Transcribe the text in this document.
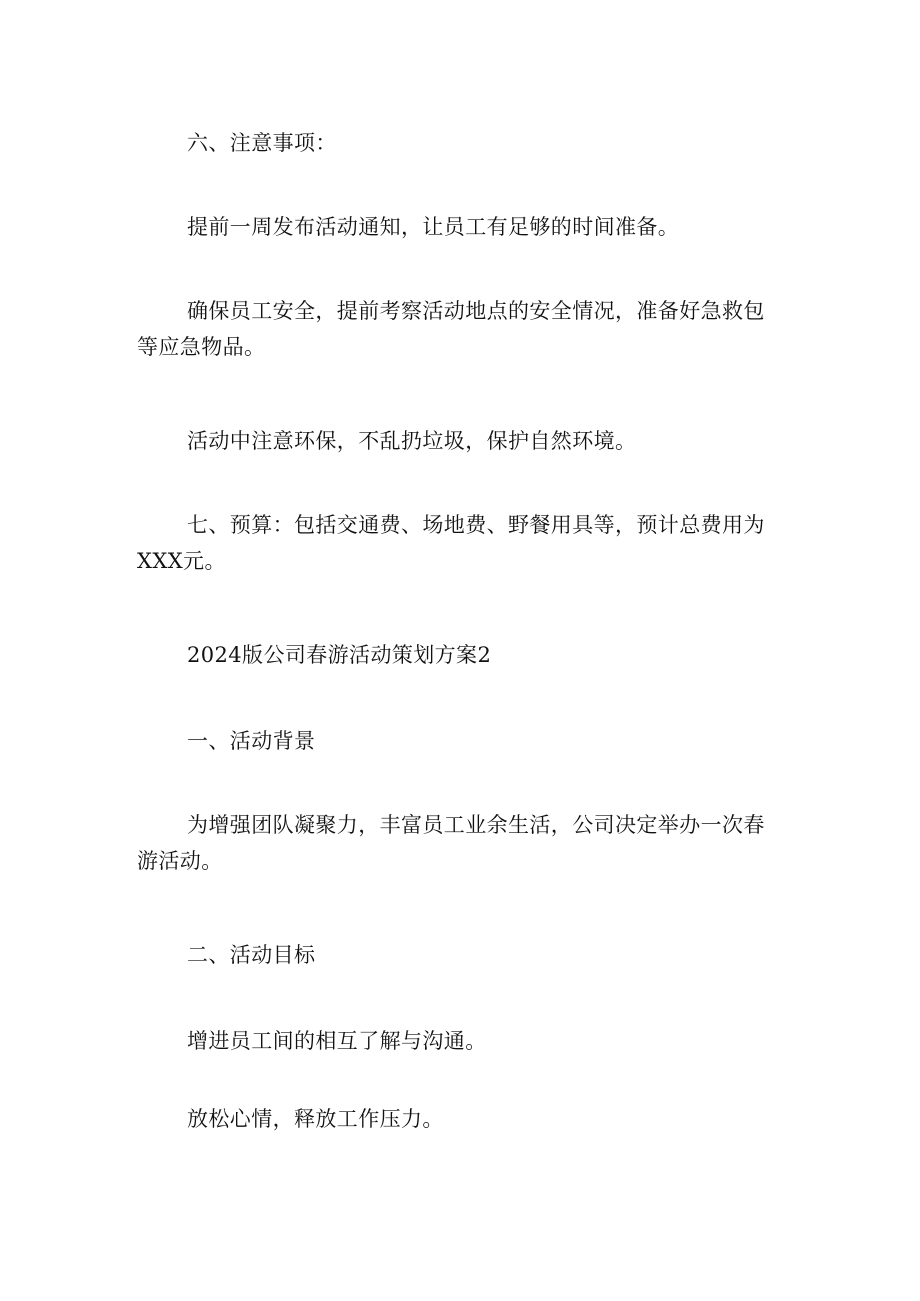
六、注意事项：

提前一周发布活动通知，让员工有足够的时间准备。

确保员工安全，提前考察活动地点的安全情况，准备好急救包等应急物品。

活动中注意环保，不乱扔垃圾，保护自然环境。

七、预算：包括交通费、场地费、野餐用具等，预计总费用为XXX元。

2024版公司春游活动策划方案2

一、活动背景

为增强团队凝聚力，丰富员工业余生活，公司决定举办一次春游活动。

二、活动目标

增进员工间的相互了解与沟通。

放松心情，释放工作压力。
